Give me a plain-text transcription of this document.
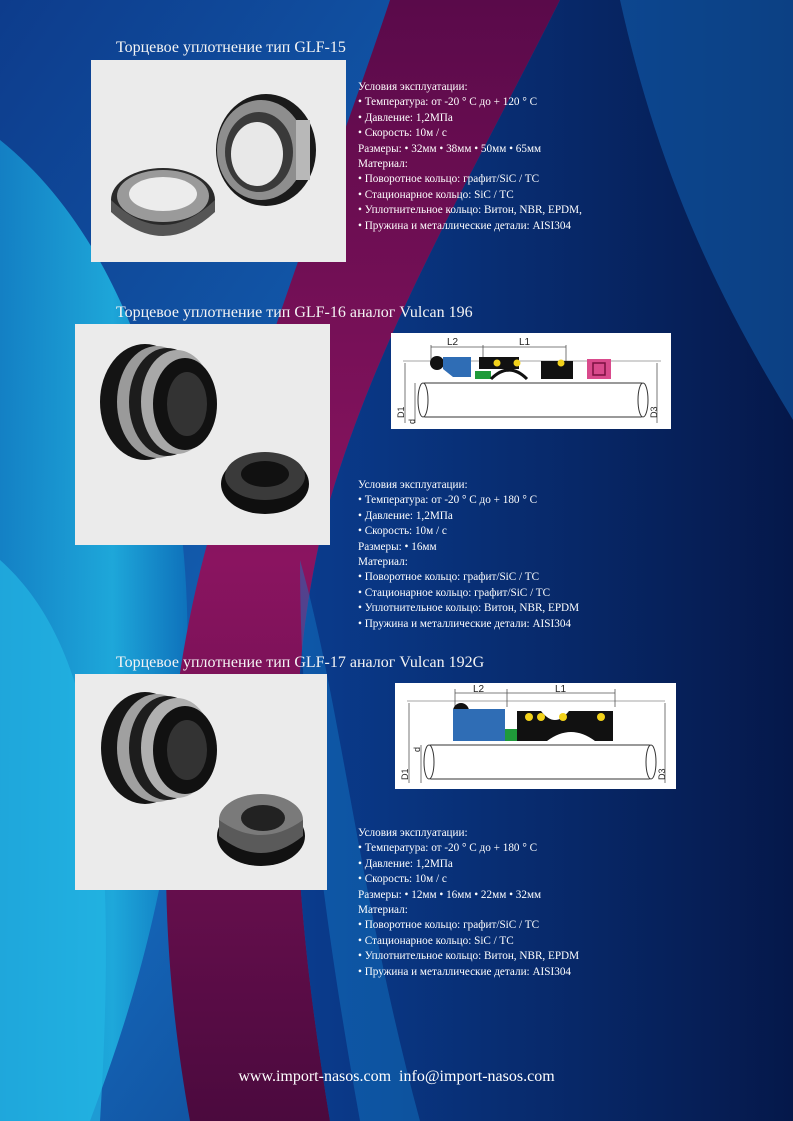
Торцевое уплотнение тип GLF-15
Условия эксплуатации:
• Температура: от -20 ° С до + 120 ° С
• Давление: 1,2МПа
• Скорость: 10м / с
Размеры: • 32мм • 38мм • 50мм • 65мм
Материал:
• Поворотное кольцо: графит/SiC / TC
• Стационарное кольцо: SiC / TC
• Уплотнительное кольцо: Витон, NBR, EPDM,
• Пружина и металлические детали: AISI304
Торцевое уплотнение тип GLF-16 аналог Vulcan 196
L2	L1
D1
d
D3
Условия эксплуатации:
• Температура: от -20 ° С до + 180 ° С
• Давление: 1,2МПа
• Скорость: 10м / с
Размеры: • 16мм
Материал:
• Поворотное кольцо: графит/SiC / TC
• Стационарное кольцо: графит/SiC / TC
• Уплотнительное кольцо: Витон, NBR, EPDM
• Пружина и металлические детали: AISI304
Торцевое уплотнение тип GLF-17 аналог Vulcan 192G
L2	L1
D1
d
D3
Условия эксплуатации:
• Температура: от -20 ° С до + 180 ° С
• Давление: 1,2МПа
• Скорость: 10м / с
Размеры: • 12мм • 16мм • 22мм • 32мм
Материал:
• Поворотное кольцо: графит/SiC / TC
• Стационарное кольцо: SiC / TC
• Уплотнительное кольцо: Витон, NBR, EPDM
• Пружина и металлические детали: AISI304
www.import-nasos.com info@import-nasos.com
